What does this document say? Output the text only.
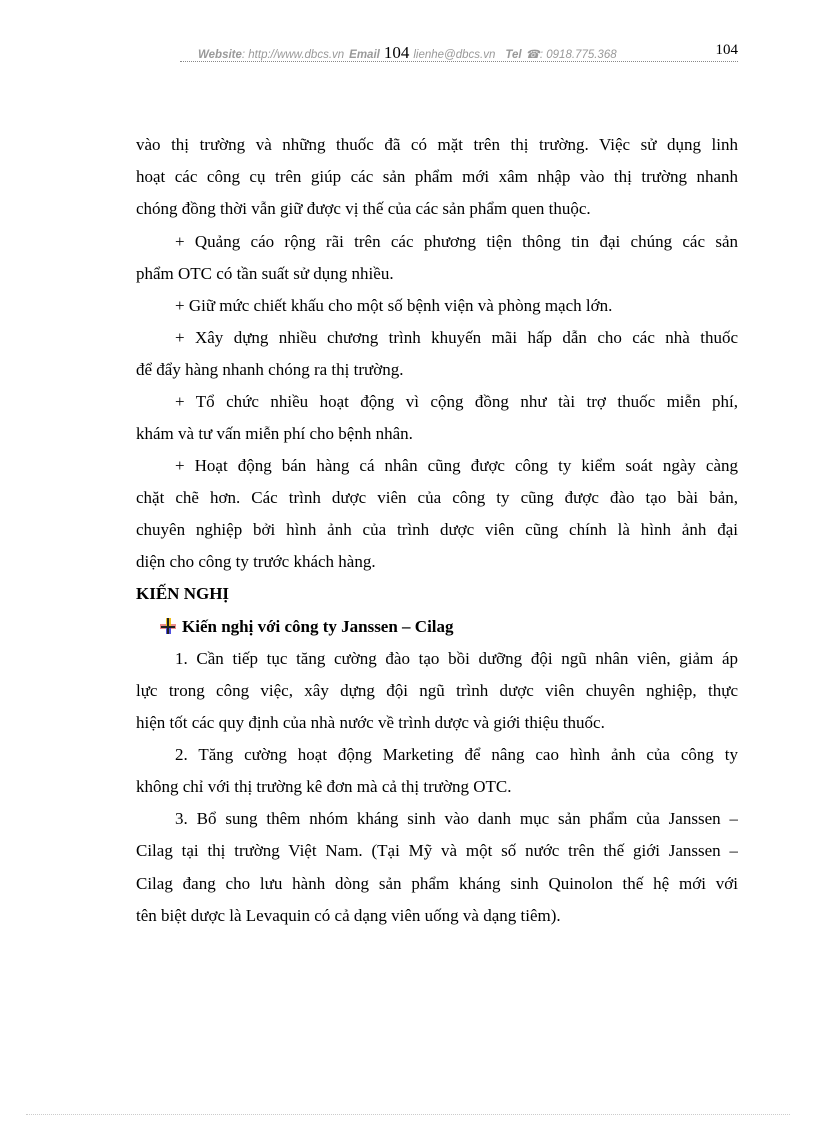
Website : http://www.dbcs.vn Email 104 lienhe@dbcs.vn Tel ☎ : 0918.775.368	104
vào thị trường và những thuốc đã có mặt trên thị trường. Việc sử dụng linh
hoạt các công cụ trên giúp các sản phẩm mới xâm nhập vào thị trường nhanh
chóng đồng thời vẫn giữ được vị thế của các sản phẩm quen thuộc.
+ Quảng cáo rộng rãi trên các phương tiện thông tin đại chúng các sản
phẩm OTC có tần suất sử dụng nhiều.
+ Giữ mức chiết khấu cho một số bệnh viện và phòng mạch lớn.
+ Xây dựng nhiều chương trình khuyến mãi hấp dẫn cho các nhà thuốc
để đẩy hàng nhanh chóng ra thị trường.
+ Tổ chức nhiều hoạt động vì cộng đồng như tài trợ thuốc miễn phí,
khám và tư vấn miễn phí cho bệnh nhân.
+ Hoạt động bán hàng cá nhân cũng được công ty kiểm soát ngày càng
chặt chẽ hơn. Các trình dược viên của công ty cũng được đào tạo bài bản,
chuyên nghiệp bởi hình ảnh của trình dược viên cũng chính là hình ảnh đại
diện cho công ty trước khách hàng.
KIẾN NGHỊ
Kiến nghị với công ty Janssen – Cilag
1. Cần tiếp tục tăng cường đào tạo bồi dưỡng đội ngũ nhân viên, giảm áp
lực trong công việc, xây dựng đội ngũ trình dược viên chuyên nghiệp, thực
hiện tốt các quy định của nhà nước về trình dược và giới thiệu thuốc.
2. Tăng cường hoạt động Marketing để nâng cao hình ảnh của công ty
không chỉ với thị trường kê đơn mà cả thị trường OTC.
3. Bổ sung thêm nhóm kháng sinh vào danh mục sản phẩm của Janssen –
Cilag tại thị trường Việt Nam. (Tại Mỹ và một số nước trên thế giới Janssen –
Cilag đang cho lưu hành dòng sản phẩm kháng sinh Quinolon thế hệ mới với
tên biệt dược là Levaquin có cả dạng viên uống và dạng tiêm).
